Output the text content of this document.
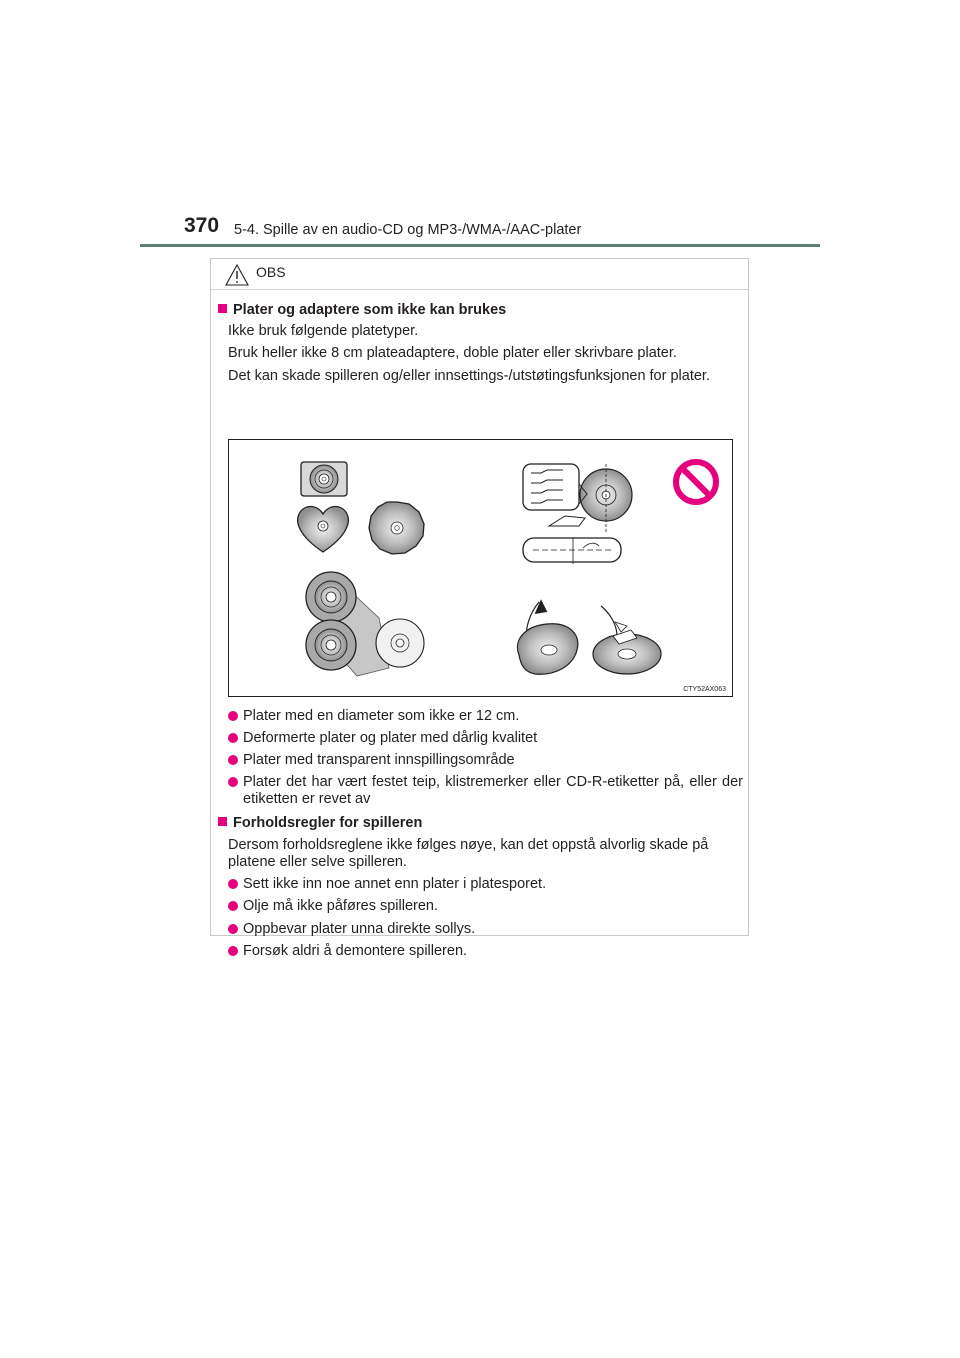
370 5-4. Spille av en audio-CD og MP3-/WMA-/AAC-plater
OBS
Plater og adaptere som ikke kan brukes
Ikke bruk følgende platetyper.
Bruk heller ikke 8 cm plateadaptere, doble plater eller skrivbare plater.
Det kan skade spilleren og/eller innsettings-/utstøtingsfunksjonen for plater.
CTY52AX063
Plater med en diameter som ikke er 12 cm.
Deformerte plater og plater med dårlig kvalitet
Plater med transparent innspillingsområde
Plater det har vært festet teip, klistremerker eller CD-R-etiketter på, eller der etiketten er revet av
Forholdsregler for spilleren
Dersom forholdsreglene ikke følges nøye, kan det oppstå alvorlig skade på platene eller selve spilleren.
Sett ikke inn noe annet enn plater i platesporet.
Olje må ikke påføres spilleren.
Oppbevar plater unna direkte sollys.
Forsøk aldri å demontere spilleren.
